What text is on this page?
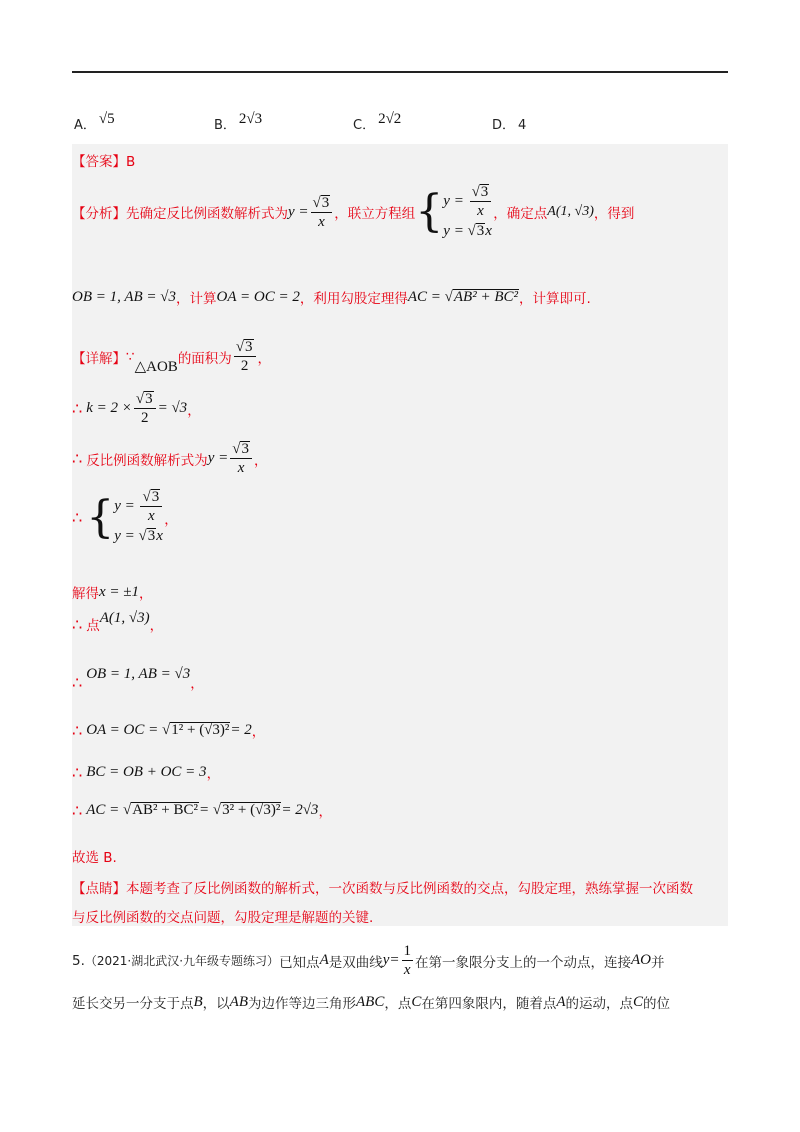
A． √5	B． 2√3	C． 2√2	D． 4
【答案】B
【分析】 先确定反比例函数解析式为 $y = \frac{√3}{x}$ ，联立方程组 { $y = \frac{√3}{x}$
y = √3x
，确定点 A(1, √3) ，得到
OB = 1, AB = √3 ，计算 OA = OC = 2 ，利用勾股定理得 AC = √AB² + BC² ，计算即可.
【详解】 ∵
△AOB
的面积为 $\frac{√3}{2}$ ，
∴ $k = 2 \times \frac{√3}{2} = √3$ ，
∴ 反比例函数解析式为 $y = \frac{√3}{x}$ ，
∴ { $y = \frac{√3}{x}$
y = √3x
，
解得 x = ±1 ，
∴ 点
A(1, √3)
，
∴ OB = 1, AB = √3
，
∴ OA = OC = √1² + (√3)² = 2 ，
∴ BC = OB + OC = 3 ，
∴ AC = √AB² + BC² = √3² + (√3)² = 2√3 ，
故选 B.
【点睛】本题考查了反比例函数的解析式，一次函数与反比例函数的交点，勾股定理，熟练掌握一次函数
与反比例函数的交点问题，勾股定理是解题的关键.
5. （2021·湖北武汉·九年级专题练习） 已知点 A 是双曲线 $y= \frac{1}{x}$ 在第一象限分支上的一个动点，连接 AO 并
延长交另一分支于点 B ，以 AB 为边作等边三角形 ABC ，点 C 在第四象限内，随着点 A 的运动，点 C 的位
